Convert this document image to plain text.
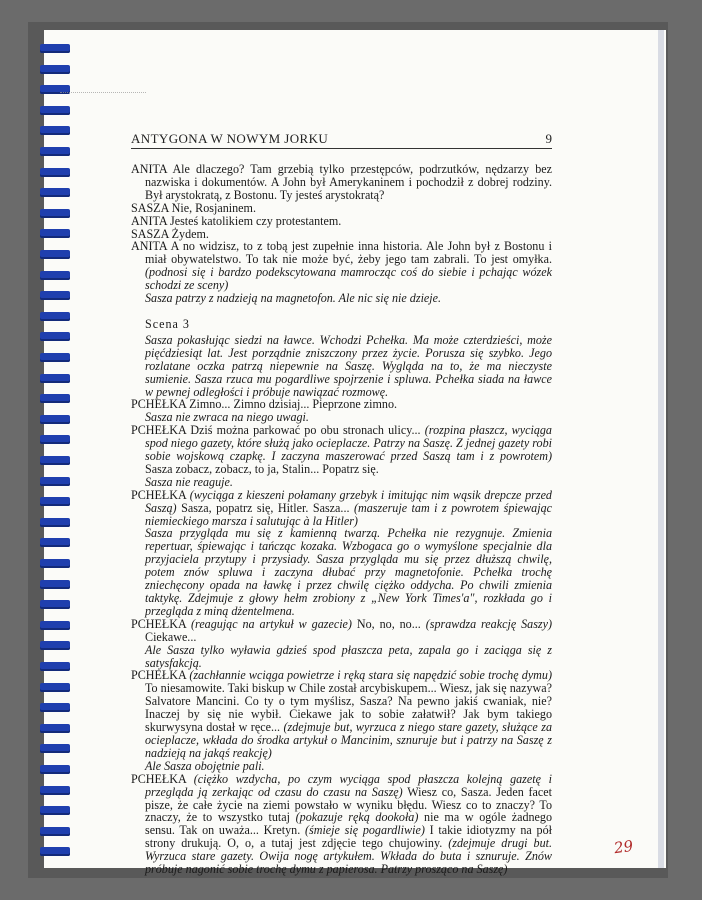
ANTYGONA W NOWYM JORKU	9

ANITA Ale dlaczego? Tam grzebią tylko przestępców, podrzutków, nędzarzy bez nazwiska i dokumentów. A John był Amerykaninem i pochodził z dobrej rodziny. Był arystokratą, z Bostonu. Ty jesteś arystokratą?

SASZA Nie, Rosjaninem.

ANITA Jesteś katolikiem czy protestantem.

SASZA Żydem.

ANITA A no widzisz, to z tobą jest zupełnie inna historia. Ale John był z Bostonu i miał obywatelstwo. To tak nie może być, żeby jego tam zabrali. To jest omyłka. (podnosi się i bardzo podekscytowana mamrocząc coś do siebie i pchając wózek schodzi ze sceny)

Sasza patrzy z nadzieją na magnetofon. Ale nic się nie dzieje.

Scena 3

Sasza pokasłując siedzi na ławce. Wchodzi Pchełka. Ma może czterdzieści, może pięćdziesiąt lat. Jest porządnie zniszczony przez życie. Porusza się szybko. Jego rozlatane oczka patrzą niepewnie na Saszę. Wygląda na to, że ma nieczyste sumienie. Sasza rzuca mu pogardliwe spojrzenie i spluwa. Pchełka siada na ławce w pewnej odległości i próbuje nawiązać rozmowę.

PCHEŁKA Zimno... Zimno dzisiaj... Pieprzone zimno.

Sasza nie zwraca na niego uwagi.

PCHEŁKA Dziś można parkować po obu stronach ulicy... (rozpina płaszcz, wyciąga spod niego gazety, które służą jako ocieplacze. Patrzy na Saszę. Z jednej gazety robi sobie wojskową czapkę. I zaczyna maszerować przed Saszą tam i z powrotem) Sasza zobacz, zobacz, to ja, Stalin... Popatrz się.

Sasza nie reaguje.

PCHEŁKA (wyciąga z kieszeni połamany grzebyk i imitując nim wąsik drepcze przed Saszą) Sasza, popatrz się, Hitler. Sasza... (maszeruje tam i z powrotem śpiewając niemieckiego marsza i salutując à la Hitler)

Sasza przygląda mu się z kamienną twarzą. Pchełka nie rezygnuje. Zmienia repertuar, śpiewając i tańcząc kozaka. Wzbogaca go o wymyślone specjalnie dla przyjaciela przytupy i przysiady. Sasza przygląda mu się przez dłuższą chwilę, potem znów spluwa i zaczyna dłubać przy magnetofonie. Pchełka trochę zniechęcony opada na ławkę i przez chwilę ciężko oddycha. Po chwili zmienia taktykę. Zdejmuje z głowy hełm zrobiony z „New York Times'a", rozkłada go i przegląda z miną dżentelmena.

PCHEŁKA (reagując na artykuł w gazecie) No, no, no... (sprawdza reakcję Saszy) Ciekawe...

Ale Sasza tylko wyławia gdzieś spod płaszcza peta, zapala go i zaciąga się z satysfakcją.

PCHEŁKA (zachłannie wciąga powietrze i ręką stara się napędzić sobie trochę dymu) To niesamowite. Taki biskup w Chile został arcybiskupem... Wiesz, jak się nazywa? Salvatore Mancini. Co ty o tym myślisz, Sasza? Na pewno jakiś cwaniak, nie? Inaczej by się nie wybił. Ciekawe jak to sobie załatwił? Jak bym takiego skurwysyna dostał w ręce... (zdejmuje but, wyrzuca z niego stare gazety, służące za ocieplacze, wkłada do środka artykuł o Mancinim, sznuruje but i patrzy na Saszę z nadzieją na jakąś reakcję)

Ale Sasza obojętnie pali.

PCHEŁKA (ciężko wzdycha, po czym wyciąga spod płaszcza kolejną gazetę i przegląda ją zerkając od czasu do czasu na Saszę) Wiesz co, Sasza. Jeden facet pisze, że całe życie na ziemi powstało w wyniku błędu. Wiesz co to znaczy? To znaczy, że to wszystko tutaj (pokazuje ręką dookoła) nie ma w ogóle żadnego sensu. Tak on uważa... Kretyn. (śmieje się pogardliwie) I takie idiotyzmy na pół strony drukują. O, o, a tutaj jest zdjęcie tego chujowiny. (zdejmuje drugi but. Wyrzuca stare gazety. Owija nogę artykułem. Wkłada do buta i sznuruje. Znów próbuje nagonić sobie trochę dymu z papierosa. Patrzy prosząco na Saszę)

29
